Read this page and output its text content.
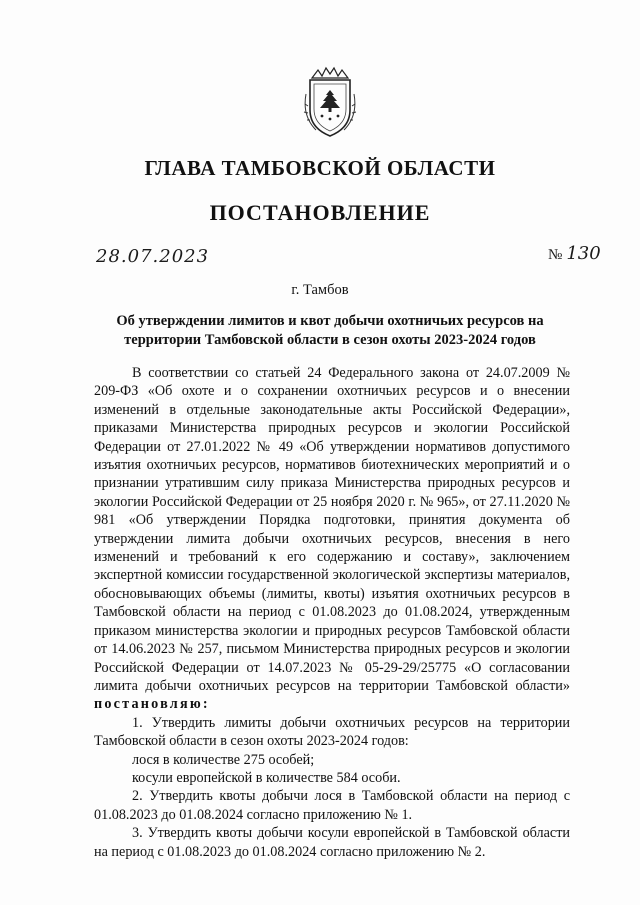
ГЛАВА ТАМБОВСКОЙ ОБЛАСТИ
ПОСТАНОВЛЕНИЕ
28.07.2023	№ 130
г. Тамбов
Об утверждении лимитов и квот добычи охотничьих ресурсов на территории Тамбовской области в сезон охоты 2023-2024 годов

В соответствии со статьей 24 Федерального закона от 24.07.2009 № 209-ФЗ «Об охоте и о сохранении охотничьих ресурсов и о внесении изменений в отдельные законодательные акты Российской Федерации», приказами Министерства природных ресурсов и экологии Российской Федерации от 27.01.2022 № 49 «Об утверждении нормативов допустимого изъятия охотничьих ресурсов, нормативов биотехнических мероприятий и о признании утратившим силу приказа Министерства природных ресурсов и экологии Российской Федерации от 25 ноября 2020 г. № 965», от 27.11.2020 № 981 «Об утверждении Порядка подготовки, принятия документа об утверждении лимита добычи охотничьих ресурсов, внесения в него изменений и требований к его содержанию и составу», заключением экспертной комиссии государственной экологической экспертизы материалов, обосновывающих объемы (лимиты, квоты) изъятия охотничьих ресурсов в Тамбовской области на период с 01.08.2023 до 01.08.2024, утвержденным приказом министерства экологии и природных ресурсов Тамбовской области от 14.06.2023 № 257, письмом Министерства природных ресурсов и экологии Российской Федерации от 14.07.2023 № 05-29-29/25775 «О согласовании лимита добычи охотничьих ресурсов на территории Тамбовской области» постановляю:

1. Утвердить лимиты добычи охотничьих ресурсов на территории Тамбовской области в сезон охоты 2023-2024 годов:

лося в количестве 275 особей;

косули европейской в количестве 584 особи.

2. Утвердить квоты добычи лося в Тамбовской области на период с 01.08.2023 до 01.08.2024 согласно приложению № 1.

3. Утвердить квоты добычи косули европейской в Тамбовской области на период с 01.08.2023 до 01.08.2024 согласно приложению № 2.
